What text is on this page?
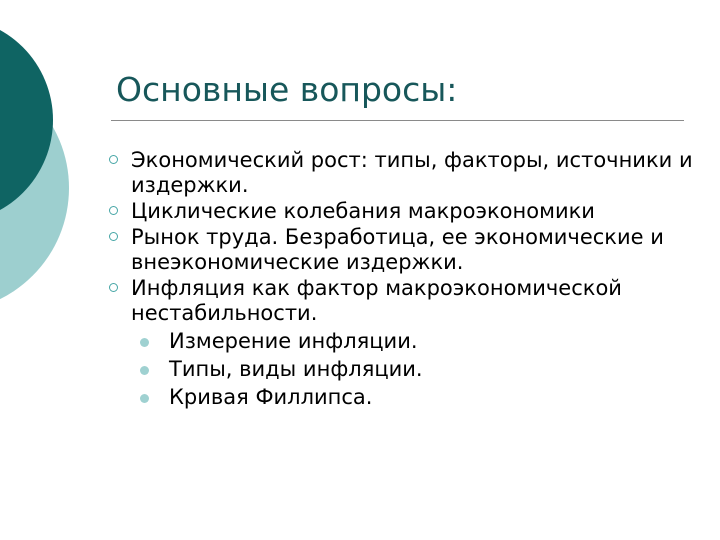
Основные вопросы:
Экономический рост: типы, факторы, источники и издержки.
Циклические колебания макроэкономики
Рынок труда. Безработица, ее экономические и внеэкономические издержки.
Инфляция как фактор макроэкономической нестабильности.
Измерение инфляции.
Типы, виды инфляции.
Кривая Филлипса.
